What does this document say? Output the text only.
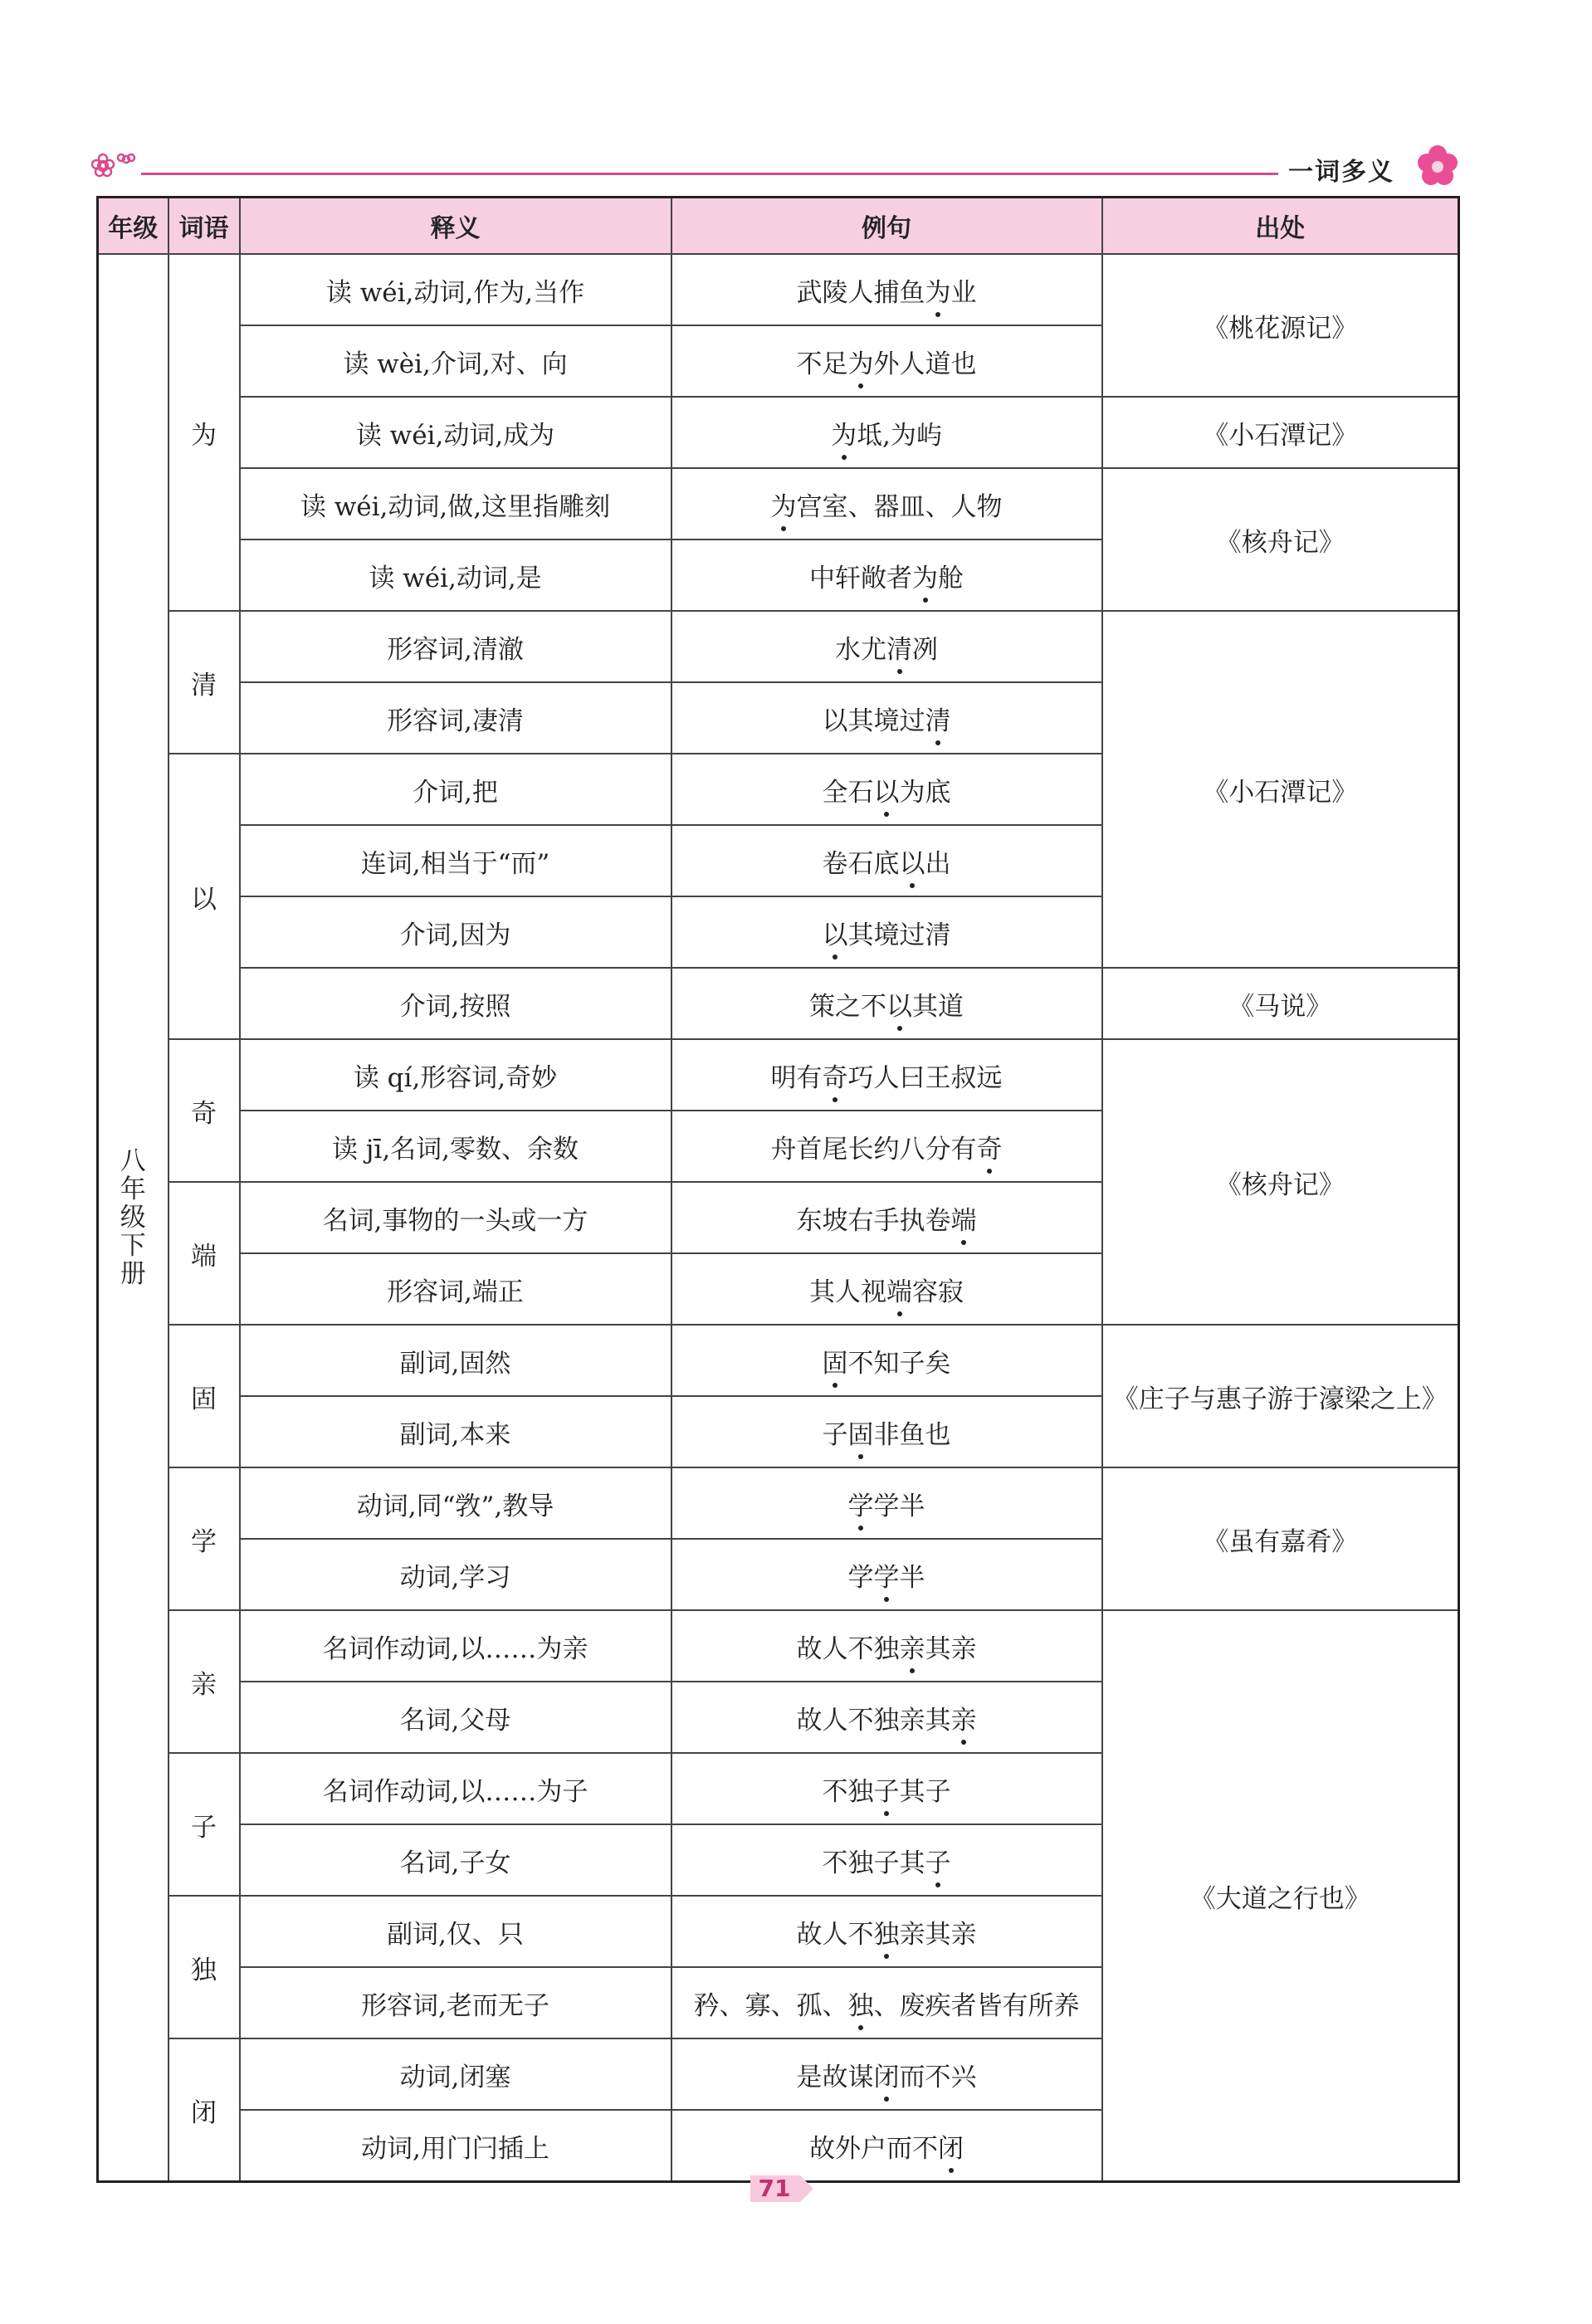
一词多义
年级	词语	释义	例句	出处

八年级下册	为	读 wéi,动词,作为,当作	武陵人捕鱼为业	《桃花源记》
		读 wèi,介词,对、向	不足为外人道也	
		读 wéi,动词,成为	为坻,为屿	《小石潭记》
		读 wéi,动词,做,这里指雕刻	为宫室、器皿、人物	《核舟记》
		读 wéi,动词,是	中轩敞者为舱	
	清	形容词,清澈	水尤清冽	《小石潭记》
		形容词,凄清	以其境过清	
	以	介词,把	全石以为底	
		连词,相当于“而”	卷石底以出	
		介词,因为	以其境过清	
		介词,按照	策之不以其道	《马说》
	奇	读 qí,形容词,奇妙	明有奇巧人曰王叔远	《核舟记》
		读 jī,名词,零数、余数	舟首尾长约八分有奇	
	端	名词,事物的一头或一方	东坡右手执卷端	
		形容词,端正	其人视端容寂	
	固	副词,固然	固不知子矣	《庄子与惠子游于濠梁之上》
		副词,本来	子固非鱼也	
	学	动词,同“敩”,教导	学学半	《虽有嘉肴》
		动词,学习	学学半	
	亲	名词作动词,以……为亲	故人不独亲其亲	《大道之行也》
		名词,父母	故人不独亲其亲	
	子	名词作动词,以……为子	不独子其子	
		名词,子女	不独子其子	
	独	副词,仅、只	故人不独亲其亲	
		形容词,老而无子	矜、寡、孤、独、废疾者皆有所养	
	闭	动词,闭塞	是故谋闭而不兴	
		动词,用门闩插上	故外户而不闭	
71
